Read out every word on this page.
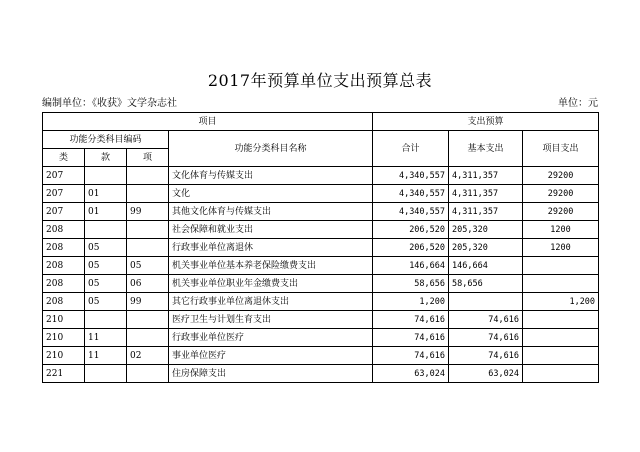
2017年预算单位支出预算总表
编制单位：《收获》文学杂志社	单位：元
项目				支出预算		
功能分类科目编码			功能分类科目名称	合计	基本支出	项目支出
类	款	项				
207			文化体育与传媒支出	4,340,557	4,311,357	29200
207	01		文化	4,340,557	4,311,357	29200
207	01	99	其他文化体育与传媒支出	4,340,557	4,311,357	29200
208			社会保障和就业支出	206,520	205,320	1200
208	05		行政事业单位离退休	206,520	205,320	1200
208	05	05	机关事业单位基本养老保险缴费支出	146,664	146,664	
208	05	06	机关事业单位职业年金缴费支出	58,656	58,656	
208	05	99	其它行政事业单位离退休支出	1,200		1,200
210			医疗卫生与计划生育支出	74,616	74,616	
210	11		行政事业单位医疗	74,616	74,616	
210	11	02	事业单位医疗	74,616	74,616	
221			住房保障支出	63,024	63,024	
